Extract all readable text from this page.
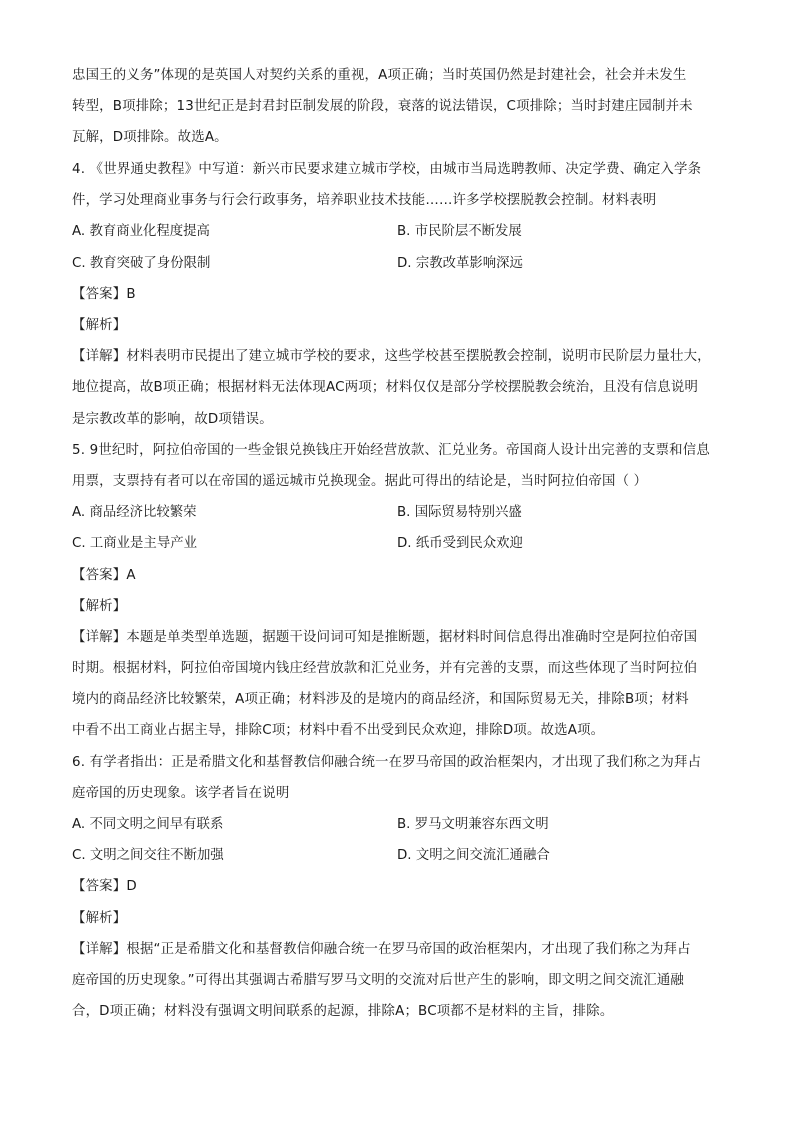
忠国王的义务”体现的是英国人对契约关系的重视，A项正确；当时英国仍然是封建社会，社会并未发生
转型，B项排除；13世纪正是封君封臣制发展的阶段，衰落的说法错误，C项排除；当时封建庄园制并未
瓦解，D项排除。故选A。
4. 《世界通史教程》中写道：新兴市民要求建立城市学校，由城市当局选聘教师、决定学费、确定入学条
件，学习处理商业事务与行会行政事务，培养职业技术技能……许多学校摆脱教会控制。材料表明
A. 教育商业化程度提高	B. 市民阶层不断发展
C. 教育突破了身份限制	D. 宗教改革影响深远
【答案】B
【解析】
【详解】材料表明市民提出了建立城市学校的要求，这些学校甚至摆脱教会控制，说明市民阶层力量壮大，
地位提高，故B项正确；根据材料无法体现AC两项；材料仅仅是部分学校摆脱教会统治，且没有信息说明
是宗教改革的影响，故D项错误。
5. 9世纪时，阿拉伯帝国的一些金银兑换钱庄开始经营放款、汇兑业务。帝国商人设计出完善的支票和信息
用票，支票持有者可以在帝国的遥远城市兑换现金。据此可得出的结论是，当时阿拉伯帝国（ ）
A. 商品经济比较繁荣	B. 国际贸易特别兴盛
C. 工商业是主导产业	D. 纸币受到民众欢迎
【答案】A
【解析】
【详解】本题是单类型单选题，据题干设问词可知是推断题，据材料时间信息得出准确时空是阿拉伯帝国
时期。根据材料，阿拉伯帝国境内钱庄经营放款和汇兑业务，并有完善的支票，而这些体现了当时阿拉伯
境内的商品经济比较繁荣，A项正确；材料涉及的是境内的商品经济，和国际贸易无关，排除B项；材料
中看不出工商业占据主导，排除C项；材料中看不出受到民众欢迎，排除D项。故选A项。
6. 有学者指出：正是希腊文化和基督教信仰融合统一在罗马帝国的政治框架内，才出现了我们称之为拜占
庭帝国的历史现象。该学者旨在说明
A. 不同文明之间早有联系	B. 罗马文明兼容东西文明
C. 文明之间交往不断加强	D. 文明之间交流汇通融合
【答案】D
【解析】
【详解】根据“正是希腊文化和基督教信仰融合统一在罗马帝国的政治框架内，才出现了我们称之为拜占
庭帝国的历史现象。”可得出其强调古希腊写罗马文明的交流对后世产生的影响，即文明之间交流汇通融
合，D项正确；材料没有强调文明间联系的起源，排除A；BC项都不是材料的主旨，排除。
